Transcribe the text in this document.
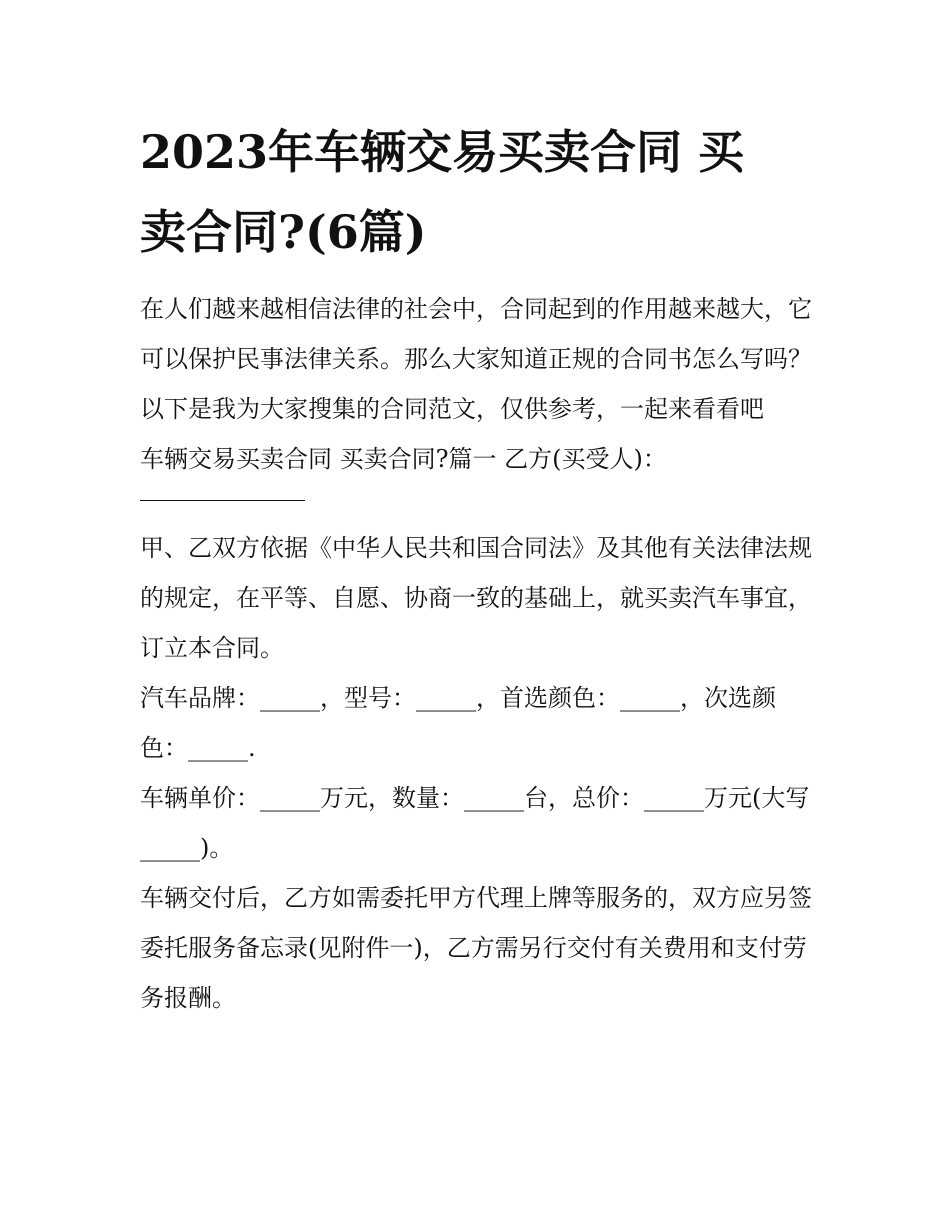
2023年车辆交易买卖合同 买卖合同?(6篇)

在人们越来越相信法律的社会中，合同起到的作用越来越大，它可以保护民事法律关系。那么大家知道正规的合同书怎么写吗？以下是我为大家搜集的合同范文，仅供参考，一起来看看吧

车辆交易买卖合同 买卖合同?篇一 乙方(买受人)：

甲、乙双方依据《中华人民共和国合同法》及其他有关法律法规的规定，在平等、自愿、协商一致的基础上，就买卖汽车事宜，订立本合同。

汽车品牌：_____，型号：_____，首选颜色：_____，次选颜色：_____.

车辆单价：_____万元，数量：_____台，总价：_____万元(大写_____)。

车辆交付后，乙方如需委托甲方代理上牌等服务的，双方应另签委托服务备忘录(见附件一)，乙方需另行交付有关费用和支付劳务报酬。
